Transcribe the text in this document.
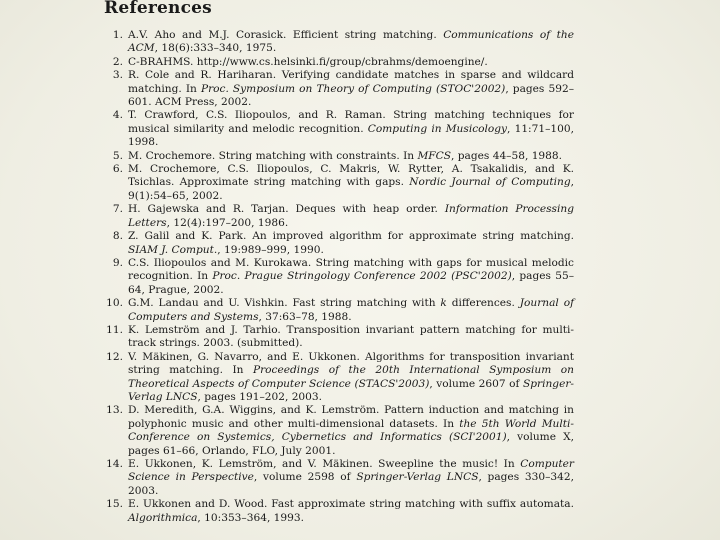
References
1. A.V. Aho and M.J. Corasick. Efficient string matching. Communications of the ACM, 18(6):333–340, 1975.
2. C-BRAHMS. http://www.cs.helsinki.fi/group/cbrahms/demoengine/.
3. R. Cole and R. Hariharan. Verifying candidate matches in sparse and wildcard matching. In Proc. Symposium on Theory of Computing (STOC'2002), pages 592–601. ACM Press, 2002.
4. T. Crawford, C.S. Iliopoulos, and R. Raman. String matching techniques for musical similarity and melodic recognition. Computing in Musicology, 11:71–100, 1998.
5. M. Crochemore. String matching with constraints. In MFCS, pages 44–58, 1988.
6. M. Crochemore, C.S. Iliopoulos, C. Makris, W. Rytter, A. Tsakalidis, and K. Tsichlas. Approximate string matching with gaps. Nordic Journal of Computing, 9(1):54–65, 2002.
7. H. Gajewska and R. Tarjan. Deques with heap order. Information Processing Letters, 12(4):197–200, 1986.
8. Z. Galil and K. Park. An improved algorithm for approximate string matching. SIAM J. Comput., 19:989–999, 1990.
9. C.S. Iliopoulos and M. Kurokawa. String matching with gaps for musical melodic recognition. In Proc. Prague Stringology Conference 2002 (PSC'2002), pages 55–64, Prague, 2002.
10. G.M. Landau and U. Vishkin. Fast string matching with k differences. Journal of Computers and Systems, 37:63–78, 1988.
11. K. Lemström and J. Tarhio. Transposition invariant pattern matching for multi-track strings. 2003. (submitted).
12. V. Mäkinen, G. Navarro, and E. Ukkonen. Algorithms for transposition invariant string matching. In Proceedings of the 20th International Symposium on Theoretical Aspects of Computer Science (STACS'2003), volume 2607 of Springer-Verlag LNCS, pages 191–202, 2003.
13. D. Meredith, G.A. Wiggins, and K. Lemström. Pattern induction and matching in polyphonic music and other multi-dimensional datasets. In the 5th World Multi-Conference on Systemics, Cybernetics and Informatics (SCI'2001), volume X, pages 61–66, Orlando, FLO, July 2001.
14. E. Ukkonen, K. Lemström, and V. Mäkinen. Sweepline the music! In Computer Science in Perspective, volume 2598 of Springer-Verlag LNCS, pages 330–342, 2003.
15. E. Ukkonen and D. Wood. Fast approximate string matching with suffix automata. Algorithmica, 10:353–364, 1993.
